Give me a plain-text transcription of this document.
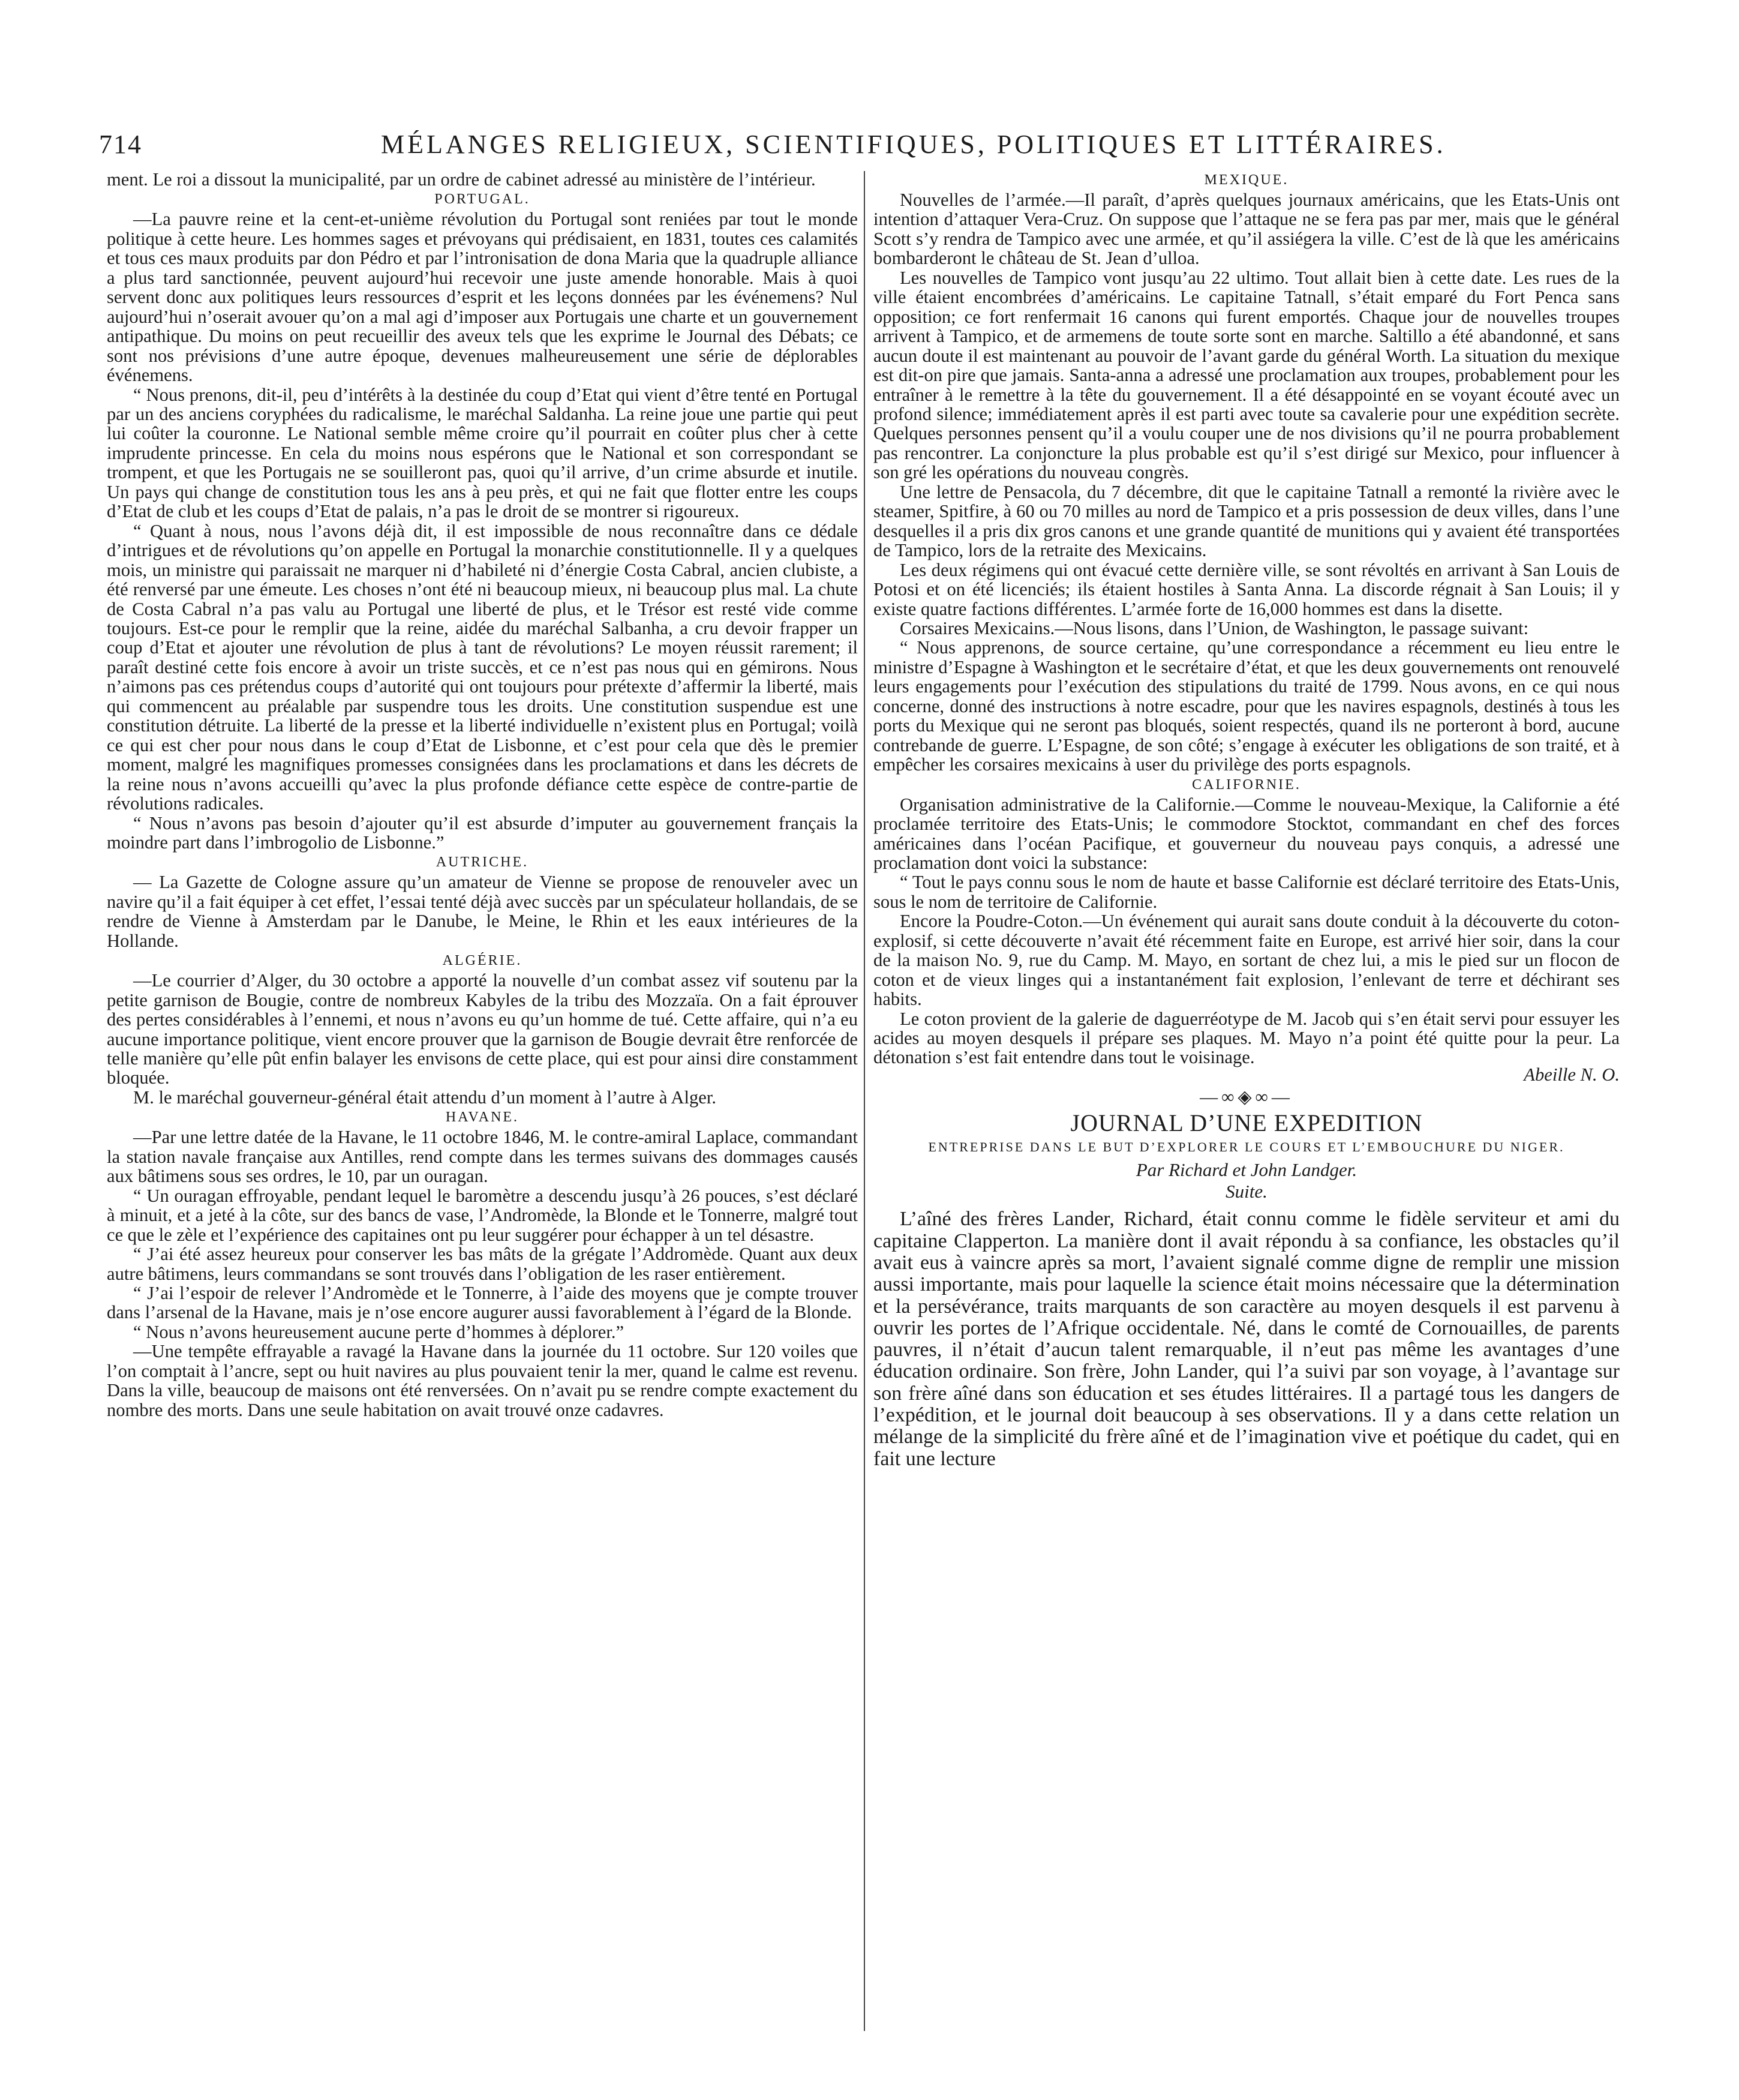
714	MÉLANGES RELIGIEUX, SCIENTIFIQUES, POLITIQUES ET LITTÉRAIRES.

ment. Le roi a dissout la municipalité, par un ordre de cabinet adressé au ministère de l’intérieur.

PORTUGAL.

—La pauvre reine et la cent-et-unième révolution du Portugal sont reniées par tout le monde politique à cette heure. Les hommes sages et prévoyans qui prédisaient, en 1831, toutes ces calamités et tous ces maux produits par don Pédro et par l’intronisation de dona Maria que la quadruple alliance a plus tard sanctionnée, peuvent aujourd’hui recevoir une juste amende honorable. Mais à quoi servent donc aux politiques leurs ressources d’esprit et les leçons données par les événemens? Nul aujourd’hui n’oserait avouer qu’on a mal agi d’imposer aux Portugais une charte et un gouvernement antipathique. Du moins on peut recueillir des aveux tels que les exprime le Journal des Débats; ce sont nos prévisions d’une autre époque, devenues malheureusement une série de déplorables événemens.

“ Nous prenons, dit-il, peu d’intérêts à la destinée du coup d’Etat qui vient d’être tenté en Portugal par un des anciens coryphées du radicalisme, le maréchal Saldanha. La reine joue une partie qui peut lui coûter la couronne. Le National semble même croire qu’il pourrait en coûter plus cher à cette imprudente princesse. En cela du moins nous espérons que le National et son correspondant se trompent, et que les Portugais ne se souilleront pas, quoi qu’il arrive, d’un crime absurde et inutile. Un pays qui change de constitution tous les ans à peu près, et qui ne fait que flotter entre les coups d’Etat de club et les coups d’Etat de palais, n’a pas le droit de se montrer si rigoureux.

“ Quant à nous, nous l’avons déjà dit, il est impossible de nous reconnaître dans ce dédale d’intrigues et de révolutions qu’on appelle en Portugal la monarchie constitutionnelle. Il y a quelques mois, un ministre qui paraissait ne marquer ni d’habileté ni d’énergie Costa Cabral, ancien clubiste, a été renversé par une émeute. Les choses n’ont été ni beaucoup mieux, ni beaucoup plus mal. La chute de Costa Cabral n’a pas valu au Portugal une liberté de plus, et le Trésor est resté vide comme toujours. Est-ce pour le remplir que la reine, aidée du maréchal Salbanha, a cru devoir frapper un coup d’Etat et ajouter une révolution de plus à tant de révolutions? Le moyen réussit rarement; il paraît destiné cette fois encore à avoir un triste succès, et ce n’est pas nous qui en gémirons. Nous n’aimons pas ces prétendus coups d’autorité qui ont toujours pour prétexte d’affermir la liberté, mais qui commencent au préalable par suspendre tous les droits. Une constitution suspendue est une constitution détruite. La liberté de la presse et la liberté individuelle n’existent plus en Portugal; voilà ce qui est cher pour nous dans le coup d’Etat de Lisbonne, et c’est pour cela que dès le premier moment, malgré les magnifiques promesses consignées dans les proclamations et dans les décrets de la reine nous n’avons accueilli qu’avec la plus profonde défiance cette espèce de contre-partie de révolutions radicales.

“ Nous n’avons pas besoin d’ajouter qu’il est absurde d’imputer au gouvernement français la moindre part dans l’imbrogolio de Lisbonne.”

AUTRICHE.

— La Gazette de Cologne assure qu’un amateur de Vienne se propose de renouveler avec un navire qu’il a fait équiper à cet effet, l’essai tenté déjà avec succès par un spéculateur hollandais, de se rendre de Vienne à Amsterdam par le Danube, le Meine, le Rhin et les eaux intérieures de la Hollande.

ALGÉRIE.

—Le courrier d’Alger, du 30 octobre a apporté la nouvelle d’un combat assez vif soutenu par la petite garnison de Bougie, contre de nombreux Kabyles de la tribu des Mozzaïa. On a fait éprouver des pertes considérables à l’ennemi, et nous n’avons eu qu’un homme de tué. Cette affaire, qui n’a eu aucune importance politique, vient encore prouver que la garnison de Bougie devrait être renforcée de telle manière qu’elle pût enfin balayer les envisons de cette place, qui est pour ainsi dire constamment bloquée.

M. le maréchal gouverneur-général était attendu d’un moment à l’autre à Alger.

HAVANE.

—Par une lettre datée de la Havane, le 11 octobre 1846, M. le contre-amiral Laplace, commandant la station navale française aux Antilles, rend compte dans les termes suivans des dommages causés aux bâtimens sous ses ordres, le 10, par un ouragan.

“ Un ouragan effroyable, pendant lequel le baromètre a descendu jusqu’à 26 pouces, s’est déclaré à minuit, et a jeté à la côte, sur des bancs de vase, l’Andromède, la Blonde et le Tonnerre, malgré tout ce que le zèle et l’expérience des capitaines ont pu leur suggérer pour échapper à un tel désastre.

“ J’ai été assez heureux pour conserver les bas mâts de la grégate l’Addromède. Quant aux deux autre bâtimens, leurs commandans se sont trouvés dans l’obligation de les raser entièrement.

“ J’ai l’espoir de relever l’Andromède et le Tonnerre, à l’aide des moyens que je compte trouver dans l’arsenal de la Havane, mais je n’ose encore augurer aussi favorablement à l’égard de la Blonde.

“ Nous n’avons heureusement aucune perte d’hommes à déplorer.”

—Une tempête effrayable a ravagé la Havane dans la journée du 11 octobre. Sur 120 voiles que l’on comptait à l’ancre, sept ou huit navires au plus pouvaient tenir la mer, quand le calme est revenu. Dans la ville, beaucoup de maisons ont été renversées. On n’avait pu se rendre compte exactement du nombre des morts. Dans une seule habitation on avait trouvé onze cadavres.

MEXIQUE.

Nouvelles de l’armée.—Il paraît, d’après quelques journaux américains, que les Etats-Unis ont intention d’attaquer Vera-Cruz. On suppose que l’attaque ne se fera pas par mer, mais que le général Scott s’y rendra de Tampico avec une armée, et qu’il assiégera la ville. C’est de là que les américains bombarderont le château de St. Jean d’ulloa.

Les nouvelles de Tampico vont jusqu’au 22 ultimo. Tout allait bien à cette date. Les rues de la ville étaient encombrées d’américains. Le capitaine Tatnall, s’était emparé du Fort Penca sans opposition; ce fort renfermait 16 canons qui furent emportés. Chaque jour de nouvelles troupes arrivent à Tampico, et de armemens de toute sorte sont en marche. Saltillo a été abandonné, et sans aucun doute il est maintenant au pouvoir de l’avant garde du général Worth. La situation du mexique est dit-on pire que jamais. Santa-anna a adressé une proclamation aux troupes, probablement pour les entraîner à le remettre à la tête du gouvernement. Il a été désappointé en se voyant écouté avec un profond silence; immédiatement après il est parti avec toute sa cavalerie pour une expédition secrète. Quelques personnes pensent qu’il a voulu couper une de nos divisions qu’il ne pourra probablement pas rencontrer. La conjoncture la plus probable est qu’il s’est dirigé sur Mexico, pour influencer à son gré les opérations du nouveau congrès.

Une lettre de Pensacola, du 7 décembre, dit que le capitaine Tatnall a remonté la rivière avec le steamer, Spitfire, à 60 ou 70 milles au nord de Tampico et a pris possession de deux villes, dans l’une desquelles il a pris dix gros canons et une grande quantité de munitions qui y avaient été transportées de Tampico, lors de la retraite des Mexicains.

Les deux régimens qui ont évacué cette dernière ville, se sont révoltés en arrivant à San Louis de Potosi et on été licenciés; ils étaient hostiles à Santa Anna. La discorde régnait à San Louis; il y existe quatre factions différentes. L’armée forte de 16,000 hommes est dans la disette.

Corsaires Mexicains.—Nous lisons, dans l’Union, de Washington, le passage suivant:

“ Nous apprenons, de source certaine, qu’une correspondance a récemment eu lieu entre le ministre d’Espagne à Washington et le secrétaire d’état, et que les deux gouvernements ont renouvelé leurs engagements pour l’exécution des stipulations du traité de 1799. Nous avons, en ce qui nous concerne, donné des instructions à notre escadre, pour que les navires espagnols, destinés à tous les ports du Mexique qui ne seront pas bloqués, soient respectés, quand ils ne porteront à bord, aucune contrebande de guerre. L’Espagne, de son côté; s’engage à exécuter les obligations de son traité, et à empêcher les corsaires mexicains à user du privilège des ports espagnols.

CALIFORNIE.

Organisation administrative de la Californie.—Comme le nouveau-Mexique, la Californie a été proclamée territoire des Etats-Unis; le commodore Stocktot, commandant en chef des forces américaines dans l’océan Pacifique, et gouverneur du nouveau pays conquis, a adressé une proclamation dont voici la substance:

“ Tout le pays connu sous le nom de haute et basse Californie est déclaré territoire des Etats-Unis, sous le nom de territoire de Californie.

Encore la Poudre-Coton.—Un événement qui aurait sans doute conduit à la découverte du coton-explosif, si cette découverte n’avait été récemment faite en Europe, est arrivé hier soir, dans la cour de la maison No. 9, rue du Camp. M. Mayo, en sortant de chez lui, a mis le pied sur un flocon de coton et de vieux linges qui a instantanément fait explosion, l’enlevant de terre et déchirant ses habits.

Le coton provient de la galerie de daguerréotype de M. Jacob qui s’en était servi pour essuyer les acides au moyen desquels il prépare ses plaques. M. Mayo n’a point été quitte pour la peur. La détonation s’est fait entendre dans tout le voisinage.

Abeille N. O.

—∞◈∞—
JOURNAL D’UNE EXPEDITION
ENTREPRISE DANS LE BUT D’EXPLORER LE COURS ET L’EMBOUCHURE DU NIGER.
Par Richard et John Landger.
Suite.

L’aîné des frères Lander, Richard, était connu comme le fidèle serviteur et ami du capitaine Clapperton. La manière dont il avait répondu à sa confiance, les obstacles qu’il avait eus à vaincre après sa mort, l’avaient signalé comme digne de remplir une mission aussi importante, mais pour laquelle la science était moins nécessaire que la détermination et la persévérance, traits marquants de son caractère au moyen desquels il est parvenu à ouvrir les portes de l’Afrique occidentale. Né, dans le comté de Cornouailles, de parents pauvres, il n’était d’aucun talent remarquable, il n’eut pas même les avantages d’une éducation ordinaire. Son frère, John Lander, qui l’a suivi par son voyage, à l’avantage sur son frère aîné dans son éducation et ses études littéraires. Il a partagé tous les dangers de l’expédition, et le journal doit beaucoup à ses observations. Il y a dans cette relation un mélange de la simplicité du frère aîné et de l’imagination vive et poétique du cadet, qui en fait une lecture
